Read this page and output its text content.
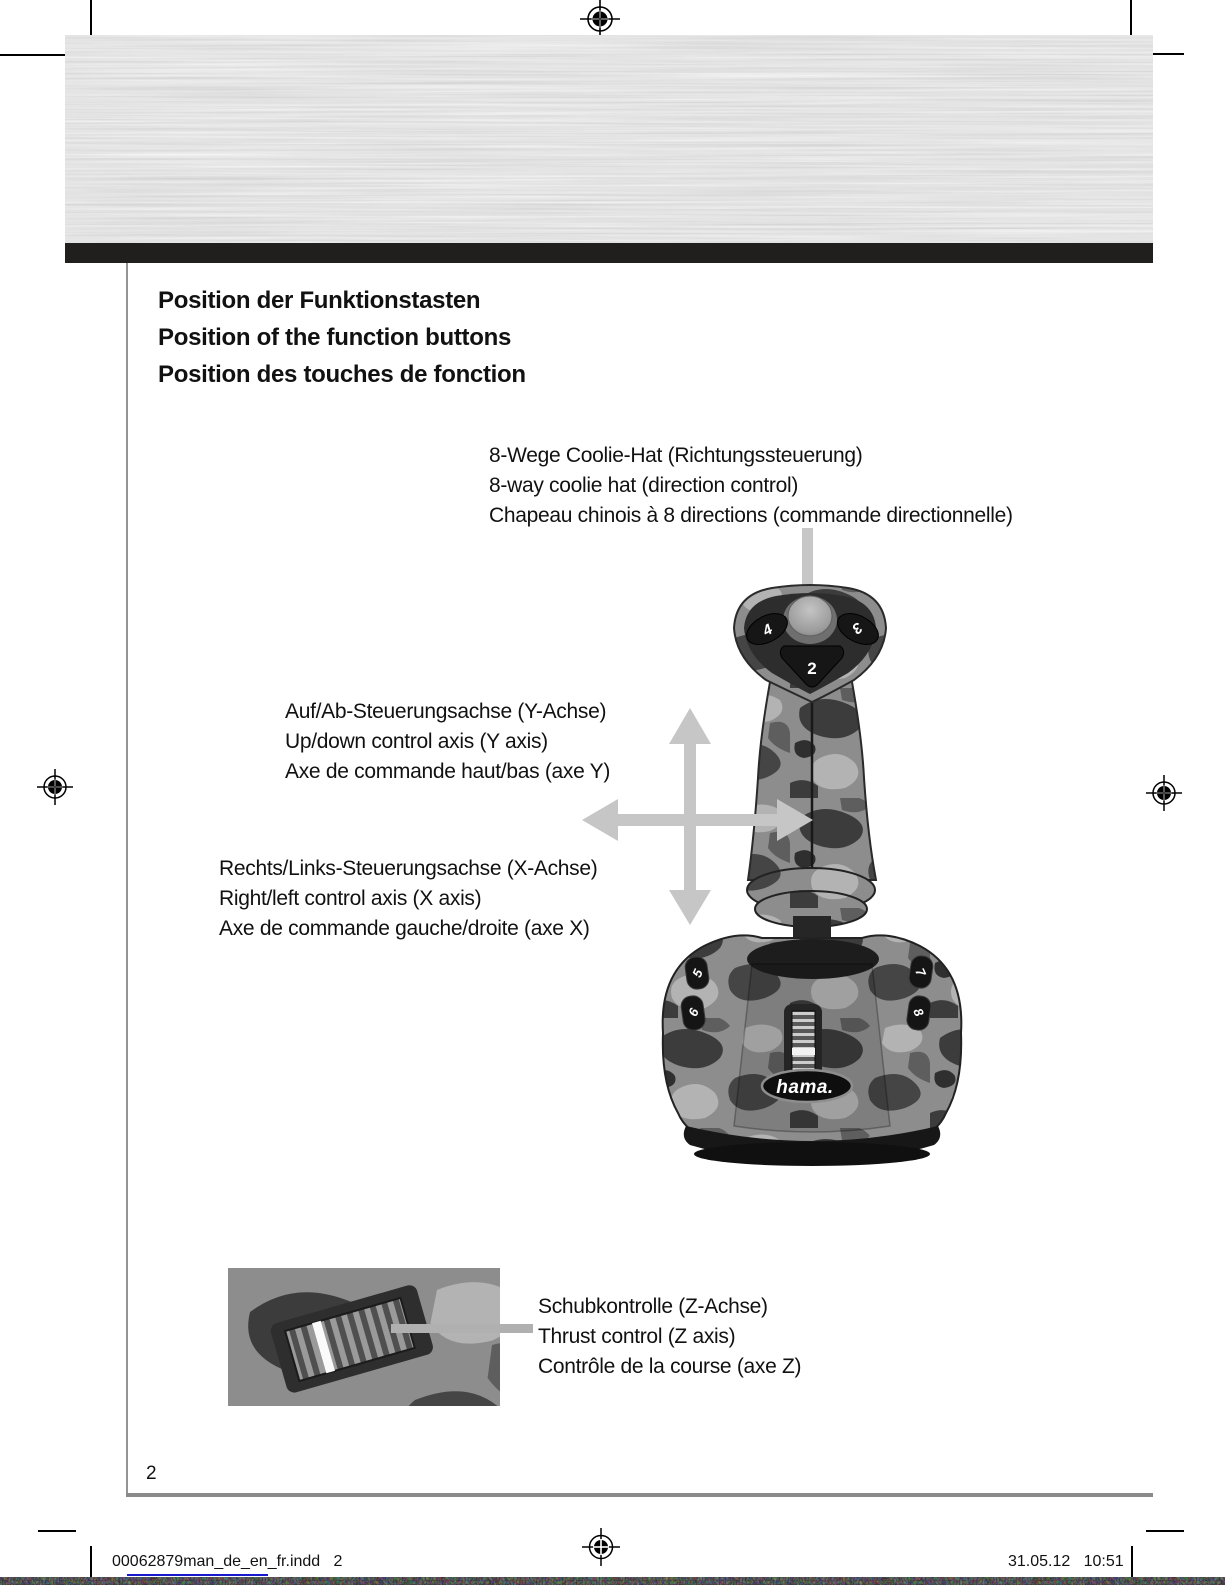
Position der Funktionstasten
Position of the function buttons
Position des touches de fonction
8-Wege Coolie-Hat (Richtungssteuerung)
8-way coolie hat (direction control)
Chapeau chinois à 8 directions (commande directionnelle)
Auf/Ab-Steuerungsachse (Y-Achse)
Up/down control axis (Y axis)
Axe de commande haut/bas (axe Y)
Rechts/Links-Steuerungsachse (X-Achse)
Right/left control axis (X axis)
Axe de commande gauche/droite (axe X)
5
6
7
8
hama.
4	3
2
Schubkontrolle (Z-Achse)
Thrust control (Z axis)
Contrôle de la course (axe Z)
2
00062879man_de_en_fr.indd   2	31.05.12   10:51
